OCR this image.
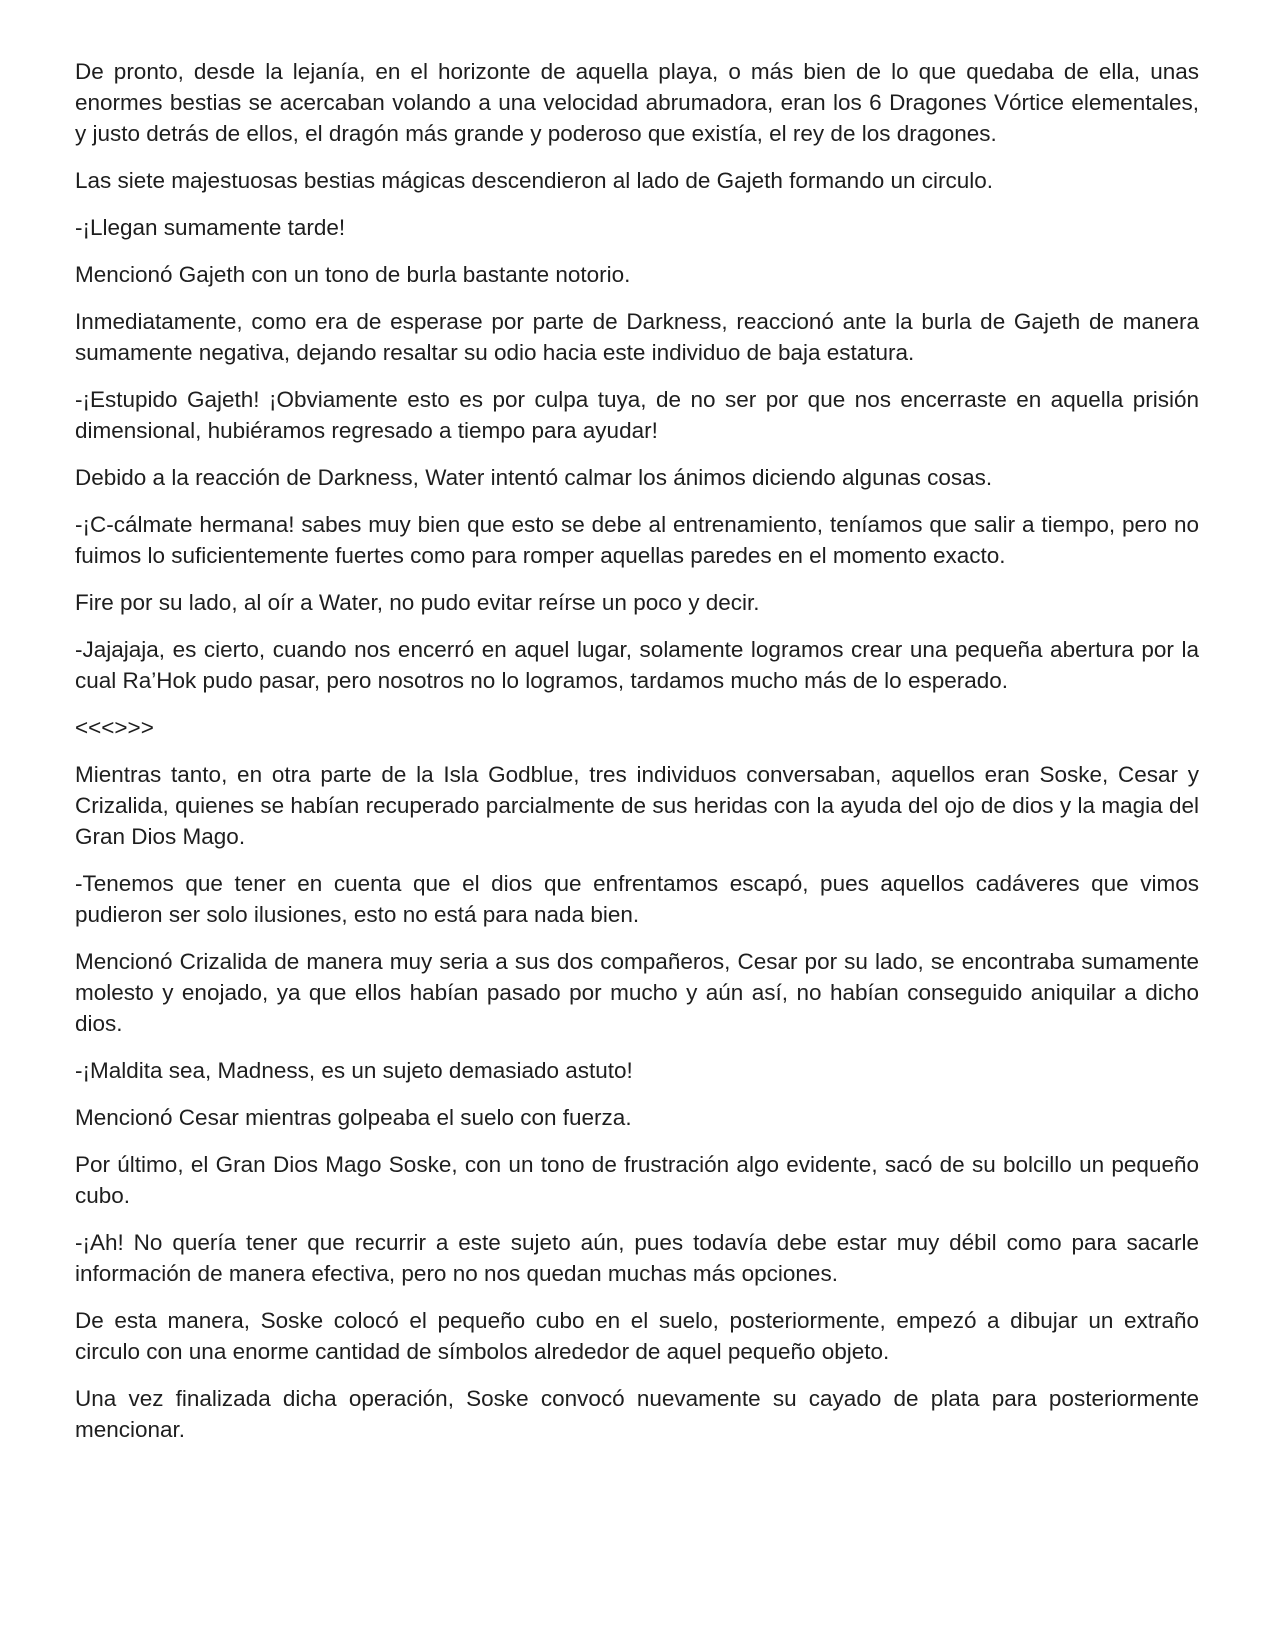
De pronto, desde la lejanía, en el horizonte de aquella playa, o más bien de lo que quedaba de ella, unas enormes bestias se acercaban volando a una velocidad abrumadora, eran los 6 Dragones Vórtice elementales, y justo detrás de ellos, el dragón más grande y poderoso que existía, el rey de los dragones.

Las siete majestuosas bestias mágicas descendieron al lado de Gajeth formando un circulo.

-¡Llegan sumamente tarde!

Mencionó Gajeth con un tono de burla bastante notorio.

Inmediatamente, como era de esperase por parte de Darkness, reaccionó ante la burla de Gajeth de manera sumamente negativa, dejando resaltar su odio hacia este individuo de baja estatura.

-¡Estupido Gajeth! ¡Obviamente esto es por culpa tuya, de no ser por que nos encerraste en aquella prisión dimensional, hubiéramos regresado a tiempo para ayudar!

Debido a la reacción de Darkness, Water intentó calmar los ánimos diciendo algunas cosas.

-¡C-cálmate hermana! sabes muy bien que esto se debe al entrenamiento, teníamos que salir a tiempo, pero no fuimos lo suficientemente fuertes como para romper aquellas paredes en el momento exacto.

Fire por su lado, al oír a Water, no pudo evitar reírse un poco y decir.

-Jajajaja, es cierto, cuando nos encerró en aquel lugar, solamente logramos crear una pequeña abertura por la cual Ra’Hok pudo pasar, pero nosotros no lo logramos, tardamos mucho más de lo esperado.

<<<>>>

Mientras tanto, en otra parte de la Isla Godblue, tres individuos conversaban, aquellos eran Soske, Cesar y Crizalida, quienes se habían recuperado parcialmente de sus heridas con la ayuda del ojo de dios y la magia del Gran Dios Mago.

-Tenemos que tener en cuenta que el dios que enfrentamos escapó, pues aquellos cadáveres que vimos pudieron ser solo ilusiones, esto no está para nada bien.

Mencionó Crizalida de manera muy seria a sus dos compañeros, Cesar por su lado, se encontraba sumamente molesto y enojado, ya que ellos habían pasado por mucho y aún así, no habían conseguido aniquilar a dicho dios.

-¡Maldita sea, Madness, es un sujeto demasiado astuto!

Mencionó Cesar mientras golpeaba el suelo con fuerza.

Por último, el Gran Dios Mago Soske, con un tono de frustración algo evidente, sacó de su bolcillo un pequeño cubo.

-¡Ah! No quería tener que recurrir a este sujeto aún, pues todavía debe estar muy débil como para sacarle información de manera efectiva, pero no nos quedan muchas más opciones.

De esta manera, Soske colocó el pequeño cubo en el suelo, posteriormente, empezó a dibujar un extraño circulo con una enorme cantidad de símbolos alrededor de aquel pequeño objeto.

Una vez finalizada dicha operación, Soske convocó nuevamente su cayado de plata para posteriormente mencionar.
